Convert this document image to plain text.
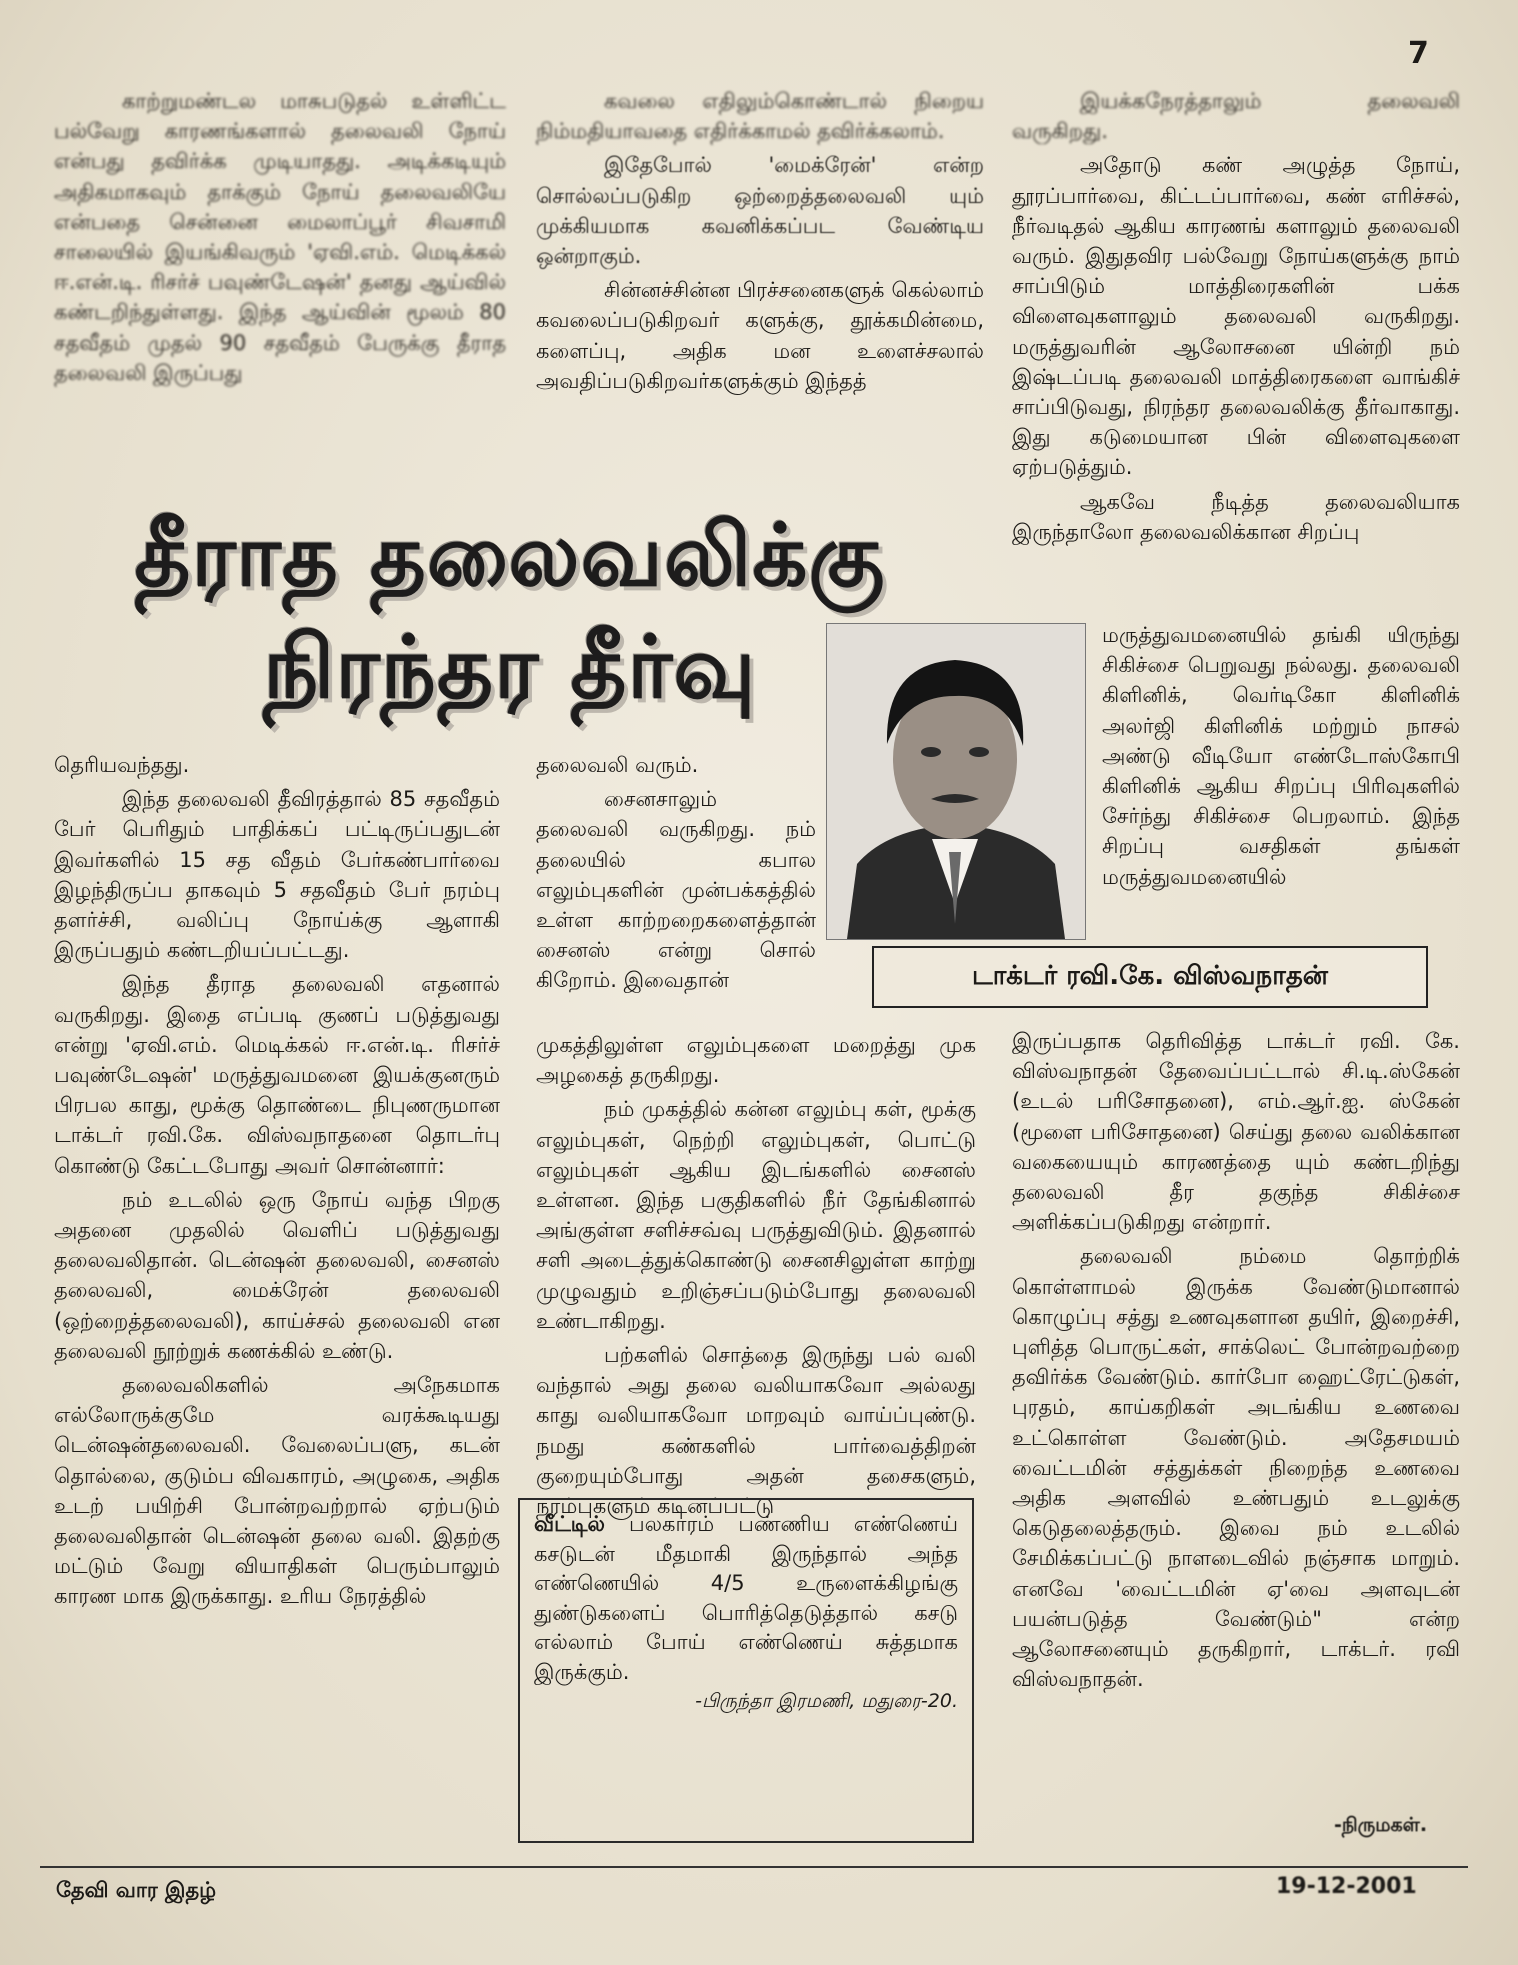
7

காற்றுமண்டல மாசுபடுதல் உள்ளிட்ட பல்வேறு காரணங்களால் தலைவலி நோய் என்பது தவிர்க்க முடியாதது. அடிக்கடியும் அதிகமாகவும் தாக்கும் நோய் தலைவலியே என்பதை சென்னை மைலாப்பூர் சிவசாமி சாலையில் இயங்கிவரும் 'ஏவி.எம். மெடிக்கல் ஈ.என்.டி. ரிசர்ச் பவுண்டேஷன்' தனது ஆய்வில் கண்டறிந்துள்ளது. இந்த ஆய்வின் மூலம் 80 சதவீதம் முதல் 90 சதவீதம் பேருக்கு தீராத தலைவலி இருப்பது

கவலை எதிலும்கொண்டால் நிறைய நிம்மதியாவதை எதிர்க்காமல் தவிர்க்கலாம்.

இதேபோல் 'மைக்ரேன்' என்ற சொல்லப்படுகிற ஒற்றைத்தலைவலி யும் முக்கியமாக கவனிக்கப்பட வேண்டிய ஒன்றாகும்.

சின்னச்சின்ன பிரச்சனைகளுக் கெல்லாம் கவலைப்படுகிறவர் களுக்கு, தூக்கமின்மை, களைப்பு, அதிக மன உளைச்சலால் அவதிப்படுகிறவர்களுக்கும் இந்தத்

இயக்கநேரத்தாலும் தலைவலி வருகிறது.

அதோடு கண் அழுத்த நோய், தூரப்பார்வை, கிட்டப்பார்வை, கண் எரிச்சல், நீர்வடிதல் ஆகிய காரணங் களாலும் தலைவலி வரும். இதுதவிர பல்வேறு நோய்களுக்கு நாம் சாப்பிடும் மாத்திரைகளின் பக்க விளைவுகளாலும் தலைவலி வருகிறது. மருத்துவரின் ஆலோசனை யின்றி நம் இஷ்டப்படி தலைவலி மாத்திரைகளை வாங்கிச் சாப்பிடுவது, நிரந்தர தலைவலிக்கு தீர்வாகாது. இது கடுமையான பின் விளைவுகளை ஏற்படுத்தும்.

ஆகவே நீடித்த தலைவலியாக இருந்தாலோ தலைவலிக்கான சிறப்பு

மருத்துவமனையில் தங்கி யிருந்து சிகிச்சை பெறுவது நல்லது. தலைவலி கிளினிக், வெர்டிகோ கிளினிக் அலர்ஜி கிளினிக் மற்றும் நாசல் அண்டு வீடியோ எண்டோஸ்கோபி கிளினிக் ஆகிய சிறப்பு பிரிவுகளில் சேர்ந்து சிகிச்சை பெறலாம். இந்த சிறப்பு வசதிகள் தங்கள் மருத்துவமனையில்

தீராத தலைவலிக்கு
நிரந்தர தீர்வு
டாக்டர் ரவி.கே. விஸ்வநாதன்

தெரியவந்தது.

இந்த தலைவலி தீவிரத்தால் 85 சதவீதம் பேர் பெரிதும் பாதிக்கப் பட்டிருப்பதுடன் இவர்களில் 15 சத வீதம் பேர்கண்பார்வை இழந்திருப்ப தாகவும் 5 சதவீதம் பேர் நரம்பு தளர்ச்சி, வலிப்பு நோய்க்கு ஆளாகி இருப்பதும் கண்டறியப்பட்டது.

இந்த தீராத தலைவலி எதனால் வருகிறது. இதை எப்படி குணப் படுத்துவது என்று 'ஏவி.எம். மெடிக்கல் ஈ.என்.டி. ரிசர்ச் பவுண்டேஷன்' மருத்துவமனை இயக்குனரும் பிரபல காது, மூக்கு தொண்டை நிபுணருமான டாக்டர் ரவி.கே. விஸ்வநாதனை தொடர்பு கொண்டு கேட்டபோது அவர் சொன்னார்:

நம் உடலில் ஒரு நோய் வந்த பிறகு அதனை முதலில் வெளிப் படுத்துவது தலைவலிதான். டென்ஷன் தலைவலி, சைனஸ் தலைவலி, மைக்ரேன் தலைவலி (ஒற்றைத்தலைவலி), காய்ச்சல் தலைவலி என தலைவலி நூற்றுக் கணக்கில் உண்டு.

தலைவலிகளில் அநேகமாக எல்லோருக்குமே வரக்கூடியது டென்ஷன்தலைவலி. வேலைப்பளு, கடன் தொல்லை, குடும்ப விவகாரம், அழுகை, அதிக உடற் பயிற்சி போன்றவற்றால் ஏற்படும் தலைவலிதான் டென்ஷன் தலை வலி. இதற்கு மட்டும் வேறு வியாதிகள் பெரும்பாலும் காரண மாக இருக்காது. உரிய நேரத்தில்

தலைவலி வரும்.

சைனசாலும் தலைவலி வருகிறது. நம் தலையில் கபால எலும்புகளின் முன்பக்கத்தில் உள்ள காற்றறைகளைத்தான் சைனஸ் என்று சொல் கிறோம். இவைதான்

முகத்திலுள்ள எலும்புகளை மறைத்து முக அழகைத் தருகிறது.

நம் முகத்தில் கன்ன எலும்பு கள், மூக்கு எலும்புகள், நெற்றி எலும்புகள், பொட்டு எலும்புகள் ஆகிய இடங்களில் சைனஸ் உள்ளன. இந்த பகுதிகளில் நீர் தேங்கினால் அங்குள்ள சளிச்சவ்வு பருத்துவிடும். இதனால் சளி அடைத்துக்கொண்டு சைனசிலுள்ள காற்று முழுவதும் உறிஞ்சப்படும்போது தலைவலி உண்டாகிறது.

பற்களில் சொத்தை இருந்து பல் வலி வந்தால் அது தலை வலியாகவோ அல்லது காது வலியாகவோ மாறவும் வாய்ப்புண்டு. நமது கண்களில் பார்வைத்திறன் குறையும்போது அதன் தசைகளும், நரம்புகளும் கடினப்பட்டு

வீட்டில் பலகாரம் பண்ணிய எண்ணெய் கசடுடன் மீதமாகி இருந்தால் அந்த எண்ணெயில் 4/5 உருளைக்கிழங்கு துண்டுகளைப் பொரித்தெடுத்தால் கசடு எல்லாம் போய் எண்ணெய் சுத்தமாக இருக்கும்.
-பிருந்தா இரமணி, மதுரை-20.

இருப்பதாக தெரிவித்த டாக்டர் ரவி. கே. விஸ்வநாதன் தேவைப்பட்டால் சி.டி.ஸ்கேன் (உடல் பரிசோதனை), எம்.ஆர்.ஐ. ஸ்கேன் (மூளை பரிசோதனை) செய்து தலை வலிக்கான வகையையும் காரணத்தை யும் கண்டறிந்து தலைவலி தீர தகுந்த சிகிச்சை அளிக்கப்படுகிறது என்றார்.

தலைவலி நம்மை தொற்றிக் கொள்ளாமல் இருக்க வேண்டுமானால் கொழுப்பு சத்து உணவுகளான தயிர், இறைச்சி, புளித்த பொருட்கள், சாக்லெட் போன்றவற்றை தவிர்க்க வேண்டும். கார்போ ஹைட்ரேட்டுகள், புரதம், காய்கறிகள் அடங்கிய உணவை உட்கொள்ள வேண்டும். அதேசமயம் வைட்டமின் சத்துக்கள் நிறைந்த உணவை அதிக அளவில் உண்பதும் உடலுக்கு கெடுதலைத்தரும். இவை நம் உடலில் சேமிக்கப்பட்டு நாளடைவில் நஞ்சாக மாறும். எனவே 'வைட்டமின் ஏ'வை அளவுடன் பயன்படுத்த வேண்டும்" என்ற ஆலோசனையும் தருகிறார், டாக்டர். ரவி விஸ்வநாதன்.

-நிருமகள்.
தேவி வார இதழ்	19-12-2001
